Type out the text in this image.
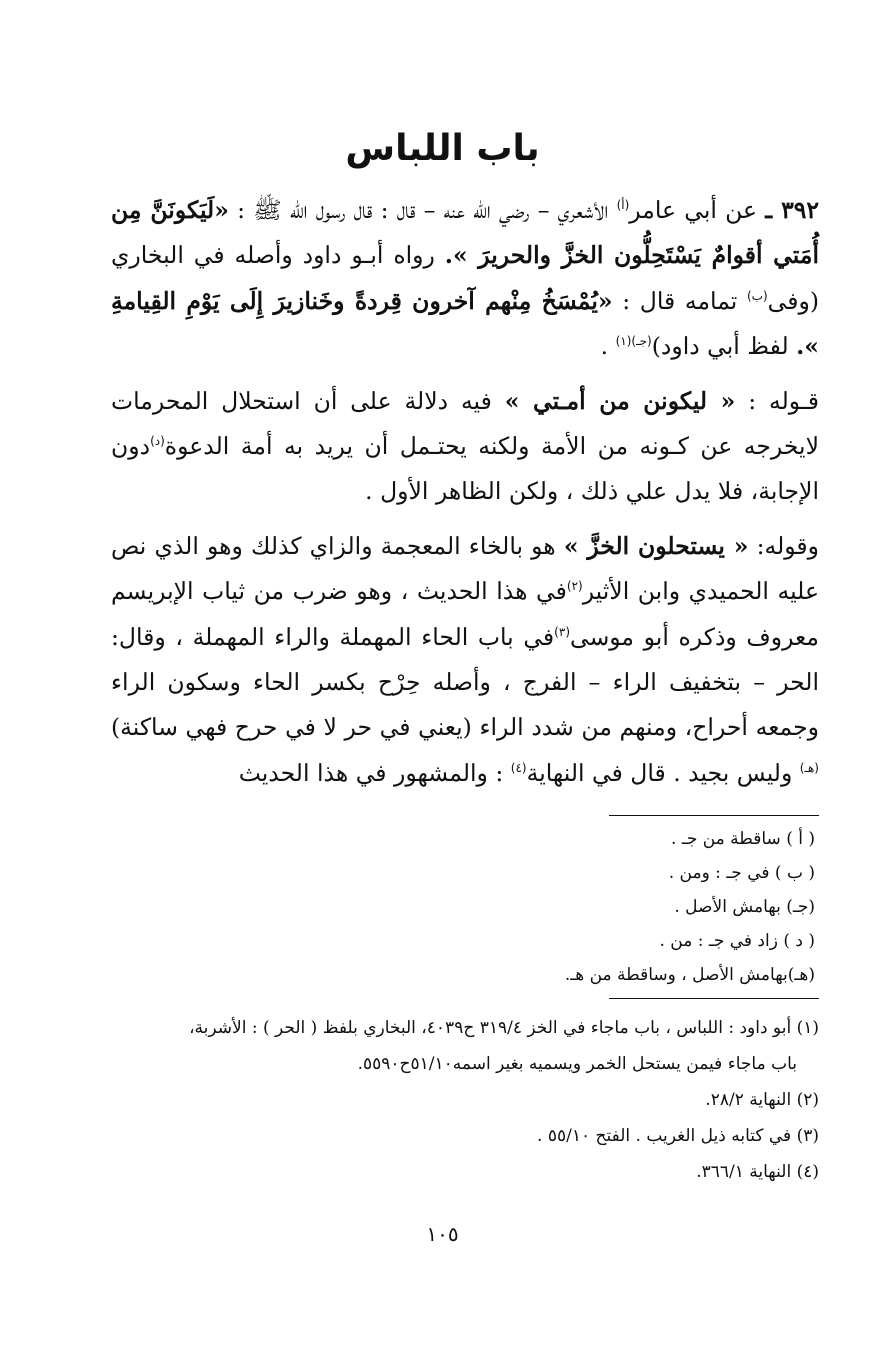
باب اللباس

٣٩٢ ـ عن أبي عامر$^{(أ)}$ الأشعري – رضي الله عنه – قال : قال رسول الله ﷺ : «لَيَكونَنَّ مِن أُمَتي أقوامٌ يَسْتَحِلُّون الخزَّ والحريرَ ». رواه أبـو داود وأصله في البخاري (وفى$^{(ب)}$ تمامه قال : «يُمْسَخُ مِنْهم آخرون قِردةً وخَنازيرَ إِلَى يَوْمِ القِيامةِ ». لفظ أبي داود)$^{(جـ)(١)}$ .

قـوله : « ليكونن من أمـتي » فيه دلالة على أن استحلال المحرمات لايخرجه عن كـونه من الأمة ولكنه يحتـمل أن يريد به أمة الدعوة$^{(د)}$دون الإجابة، فلا يدل علي ذلك ، ولكن الظاهر الأول .

وقوله: « يستحلون الخزَّ » هو بالخاء المعجمة والزاي كذلك وهو الذي نص عليه الحميدي وابن الأثير$^{(٢)}$في هذا الحديث ، وهو ضرب من ثياب الإبريسم معروف وذكره أبو موسى$^{(٣)}$في باب الحاء المهملة والراء المهملة ، وقال: الحر – بتخفيف الراء – الفرج ، وأصله حِرْح بكسر الحاء وسكون الراء وجمعه أحراح، ومنهم من شدد الراء (يعني في حر لا في حرح فهي ساكنة)$^{(هـ)}$ وليس بجيد . قال في النهاية$^{(٤)}$ : والمشهور في هذا الحديث

( أ ) ساقطة من جـ .
( ب ) في جـ : ومن .
(جـ) بهامش الأصل .
( د ) زاد في جـ : من .
(هـ)بهامش الأصل ، وساقطة من هـ.
(١) أبو داود : اللباس ، باب ماجاء في الخز ٣١٩/٤ ح٤٠٣٩، البخاري بلفظ ( الحر ) : الأشربة،
باب ماجاء فيمن يستحل الخمر ويسميه بغير اسمه٥١/١٠ح٥٥٩٠.
(٢) النهاية ٢٨/٢.
(٣) في كتابه ذيل الغريب . الفتح ٥٥/١٠ .
(٤) النهاية ٣٦٦/١.
١٠٥
